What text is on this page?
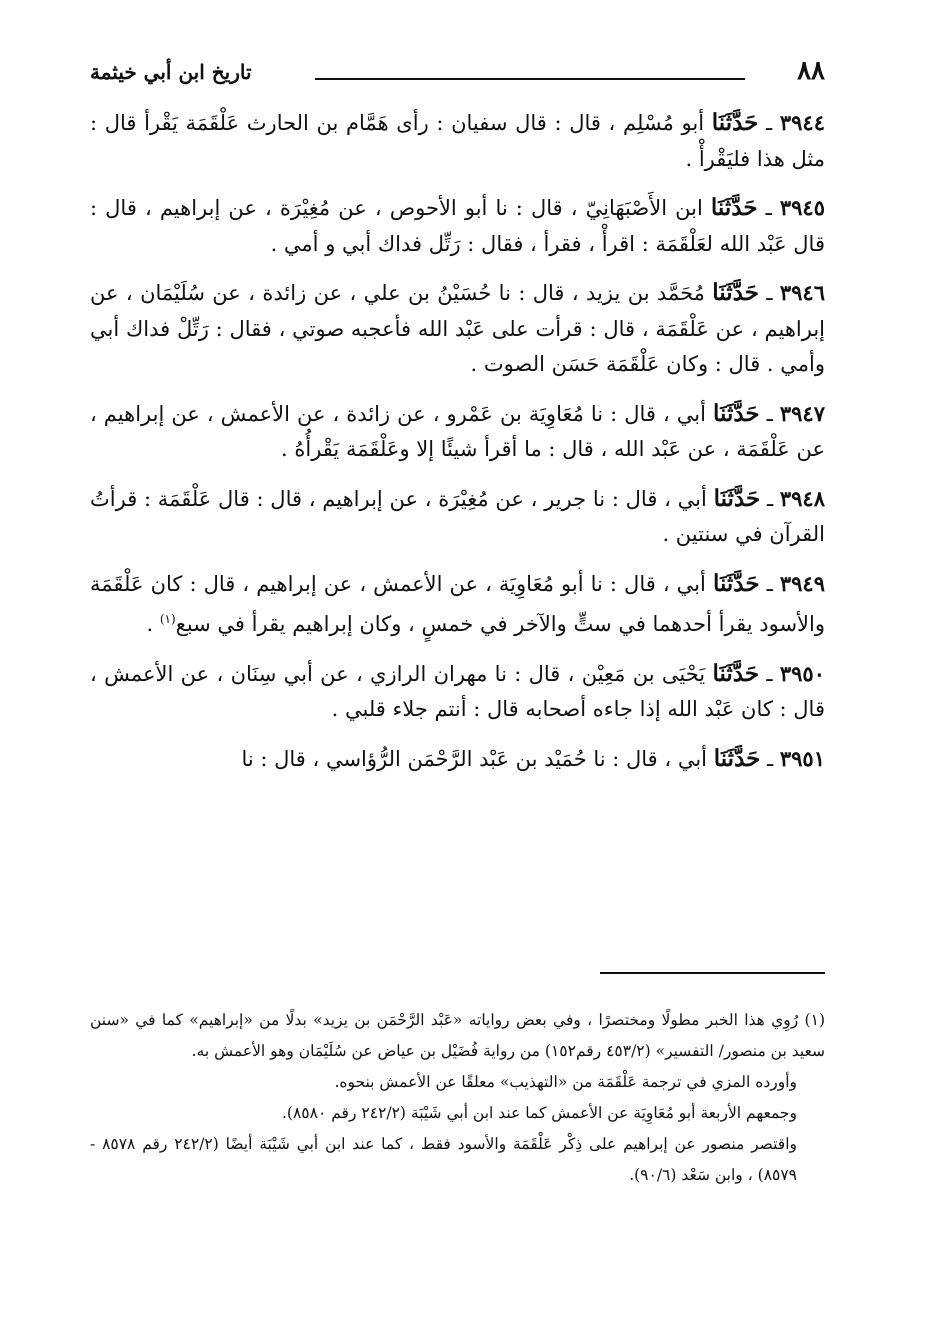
٨٨
تاريخ ابن أبي خيثمة

٣٩٤٤ ـ حَدَّثَنَا أبو مُسْلِم ، قال : قال سفيان : رأى هَمَّام بن الحارث عَلْقَمَة يَقْرأ قال : مثل هذا فليَقْرأْ .

٣٩٤٥ ـ حَدَّثَنَا ابن الأَصْبَهَانِيّ ، قال : نا أبو الأحوص ، عن مُغِيْرَة ، عن إبراهيم ، قال : قال عَبْد الله لعَلْقَمَة : اقرأْ ، فقرأ ، فقال : رَتِّل فداك أبي و أمي .

٣٩٤٦ ـ حَدَّثَنَا مُحَمَّد بن يزيد ، قال : نا حُسَيْنُ بن علي ، عن زائدة ، عن سُلَيْمَان ، عن إبراهيم ، عن عَلْقَمَة ، قال : قرأت على عَبْد الله فأعجبه صوتي ، فقال : رَتِّلْ فداك أبي وأمي . قال : وكان عَلْقَمَة حَسَن الصوت .

٣٩٤٧ ـ حَدَّثَنَا أبي ، قال : نا مُعَاوِيَة بن عَمْرو ، عن زائدة ، عن الأعمش ، عن إبراهيم ، عن عَلْقَمَة ، عن عَبْد الله ، قال : ما أقرأ شيئًا إلا وعَلْقَمَة يَقْرأُهُ .

٣٩٤٨ ـ حَدَّثَنَا أبي ، قال : نا جرير ، عن مُغِيْرَة ، عن إبراهيم ، قال : قال عَلْقَمَة : قرأتُ القرآن في سنتين .

٣٩٤٩ ـ حَدَّثَنَا أبي ، قال : نا أبو مُعَاوِيَة ، عن الأعمش ، عن إبراهيم ، قال : كان عَلْقَمَة والأسود يقرأ أحدهما في ستٍّ والآخر في خمسٍ ، وكان إبراهيم يقرأ في سبع$^{(١)}$ .

٣٩٥٠ ـ حَدَّثَنَا يَحْيَى بن مَعِيْن ، قال : نا مهران الرازي ، عن أبي سِنَان ، عن الأعمش ، قال : كان عَبْد الله إذا جاءه أصحابه قال : أنتم جلاء قلبي .

٣٩٥١ ـ حَدَّثَنَا أبي ، قال : نا حُمَيْد بن عَبْد الرَّحْمَن الرُّؤاسي ، قال : نا

(١) رُوِي هذا الخبر مطولًا ومختصرًا ، وفي بعض رواياته «عَبْد الرَّحْمَن بن يزيد» بدلًا من «إبراهيم» كما في «سنن سعيد بن منصور/ التفسير» (٤٥٣/٢ رقم١٥٢) من رواية فُضَيْل بن عياض عن سُلَيْمَان وهو الأعمش به.

وأورده المزي في ترجمة عَلْقَمَة من «التهذيب» معلقًا عن الأعمش بنحوه.

وجمعهم الأربعة أبو مُعَاوِيَة عن الأعمش كما عند ابن أبي شَيْبَة (٢٤٢/٢ رقم ٨٥٨٠).

واقتصر منصور عن إبراهيم على ذِكْر عَلْقَمَة والأسود فقط ، كما عند ابن أبي شَيْبَة أيضًا (٢٤٢/٢ رقم ٨٥٧٨ - ٨٥٧٩) ، وابن سَعْد (٩٠/٦).
